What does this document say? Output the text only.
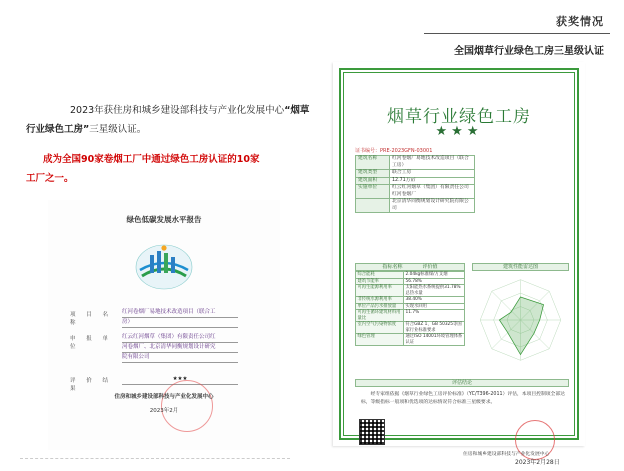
获奖情况
全国烟草行业绿色工房三星级认证
2023年获住房和城乡建设部科技与产业化发展中心“烟草
行业绿色工房”三星级认证。
成为全国90家卷烟工厂中通过绿色工房认证的10家
工厂之一。
绿色低碳发展水平报告
项 目 名 称
红河卷烟厂易地技术改造项目（联合工
房）
申 报 单 位
红云红河烟草（集团）有限责任公司红
河卷烟厂、北京清华同衡规划设计研究
院有限公司
评 价 结 果
★★★
住房和城乡建设部科技与产业化发展中心
2023年2月
烟草行业绿色工房
★★★
证书编号：PRE-2023GFN-03001
建筑名称	红河卷烟厂易地技术改造项目（联合工房）
建筑类型	联合工房
建筑面积	12.71万㎡
实施单位	红云红河烟草（集团）有限责任公司红河卷烟厂
	北京清华同衡规划设计研究院有限公司
指标名称　　　　评价值	建筑性能雷达图
综合能耗	2.04kg标准煤/万支烟
建筑节能率	56.78%
可再生能源利用率	太阳能热水系统提供31.78%总热水量
非传统水源利用率	38.40%
单位产品污水排放量	实现水回用
可再生循环建筑材料用量比	11.7%
室内空气污染物浓度	符合GBZ 1、GB 50325等国家行业标准要求
绿色管理	通过ISO 14001环境管理体系认证
评估结论
　　经专家组依据《烟草行业绿色工房评价标准》（YC/T396-2011）评估，本项目控制项全部达标，等级指标一般项和优选项的达标情况符合标准三星级要求。
住房和城乡建设部科技与产业化发展中心
2023年2月28日
